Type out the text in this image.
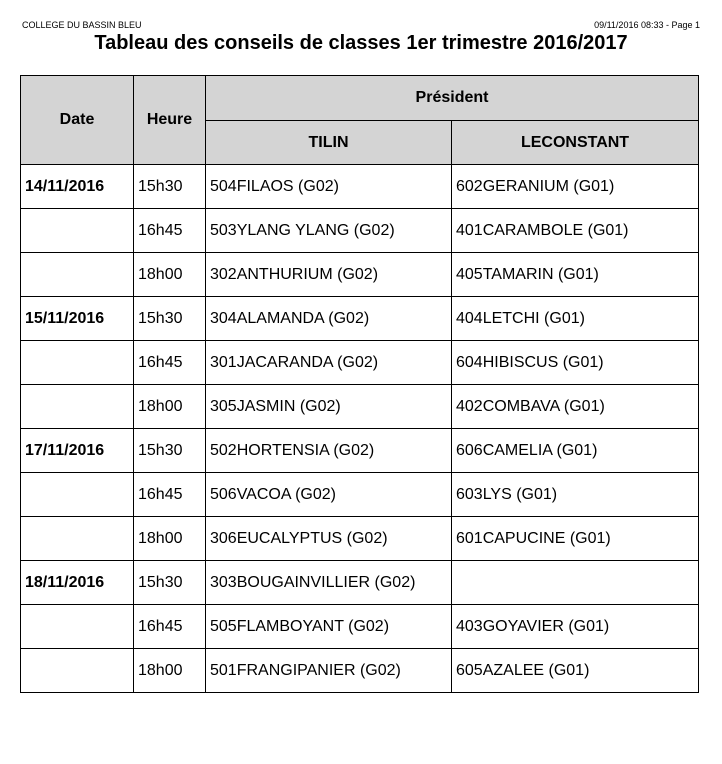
COLLEGE DU BASSIN BLEU	09/11/2016 08:33 - Page 1
Tableau des conseils de classes 1er trimestre 2016/2017
Date	Heure	Président	
		TILIN	LECONSTANT
14/11/2016	15h30	504FILAOS (G02)	602GERANIUM (G01)
	16h45	503YLANG YLANG (G02)	401CARAMBOLE (G01)
	18h00	302ANTHURIUM (G02)	405TAMARIN (G01)
15/11/2016	15h30	304ALAMANDA (G02)	404LETCHI (G01)
	16h45	301JACARANDA (G02)	604HIBISCUS (G01)
	18h00	305JASMIN (G02)	402COMBAVA (G01)
17/11/2016	15h30	502HORTENSIA (G02)	606CAMELIA (G01)
	16h45	506VACOA (G02)	603LYS (G01)
	18h00	306EUCALYPTUS (G02)	601CAPUCINE (G01)
18/11/2016	15h30	303BOUGAINVILLIER (G02)	
	16h45	505FLAMBOYANT (G02)	403GOYAVIER (G01)
	18h00	501FRANGIPANIER (G02)	605AZALEE (G01)
